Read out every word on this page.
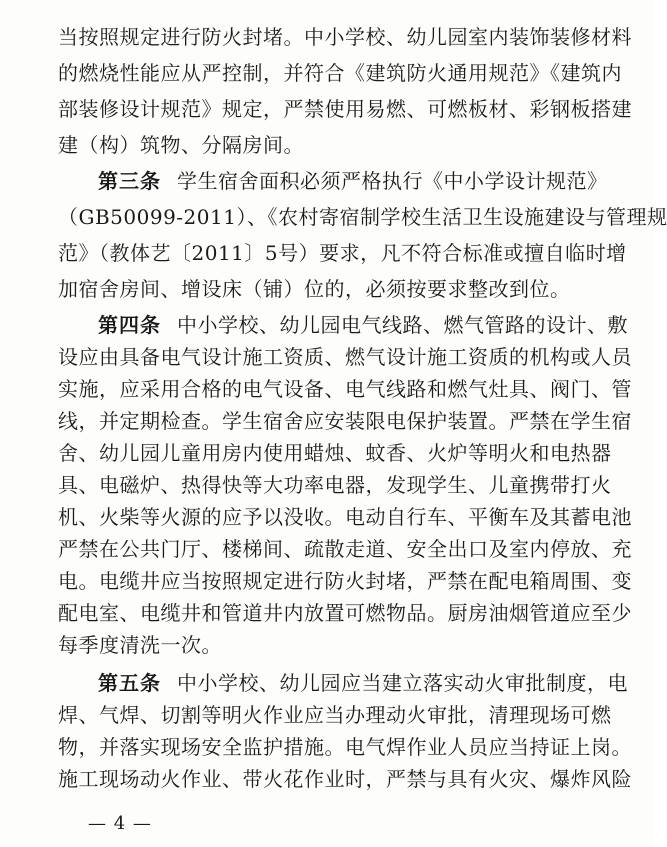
当按照规定进行防火封堵。中小学校、幼儿园室内装饰装修材料
的燃烧性能应从严控制，并符合《建筑防火通用规范》《建筑内
部装修设计规范》规定，严禁使用易燃、可燃板材、彩钢板搭建
建（构）筑物、分隔房间。
第三条 学生宿舍面积必须严格执行《中小学设计规范》
（GB50099-2011）、《农村寄宿制学校生活卫生设施建设与管理规
范》（教体艺〔2011〕5号）要求，凡不符合标准或擅自临时增
加宿舍房间、增设床（铺）位的，必须按要求整改到位。
第四条 中小学校、幼儿园电气线路、燃气管路的设计、敷
设应由具备电气设计施工资质、燃气设计施工资质的机构或人员
实施，应采用合格的电气设备、电气线路和燃气灶具、阀门、管
线，并定期检查。学生宿舍应安装限电保护装置。严禁在学生宿
舍、幼儿园儿童用房内使用蜡烛、蚊香、火炉等明火和电热器
具、电磁炉、热得快等大功率电器，发现学生、儿童携带打火
机、火柴等火源的应予以没收。电动自行车、平衡车及其蓄电池
严禁在公共门厅、楼梯间、疏散走道、安全出口及室内停放、充
电。电缆井应当按照规定进行防火封堵，严禁在配电箱周围、变
配电室、电缆井和管道井内放置可燃物品。厨房油烟管道应至少
每季度清洗一次。
第五条 中小学校、幼儿园应当建立落实动火审批制度，电
焊、气焊、切割等明火作业应当办理动火审批，清理现场可燃
物，并落实现场安全监护措施。电气焊作业人员应当持证上岗。
— 4 —
施工现场动火作业、带火花作业时，严禁与具有火灾、爆炸风险
